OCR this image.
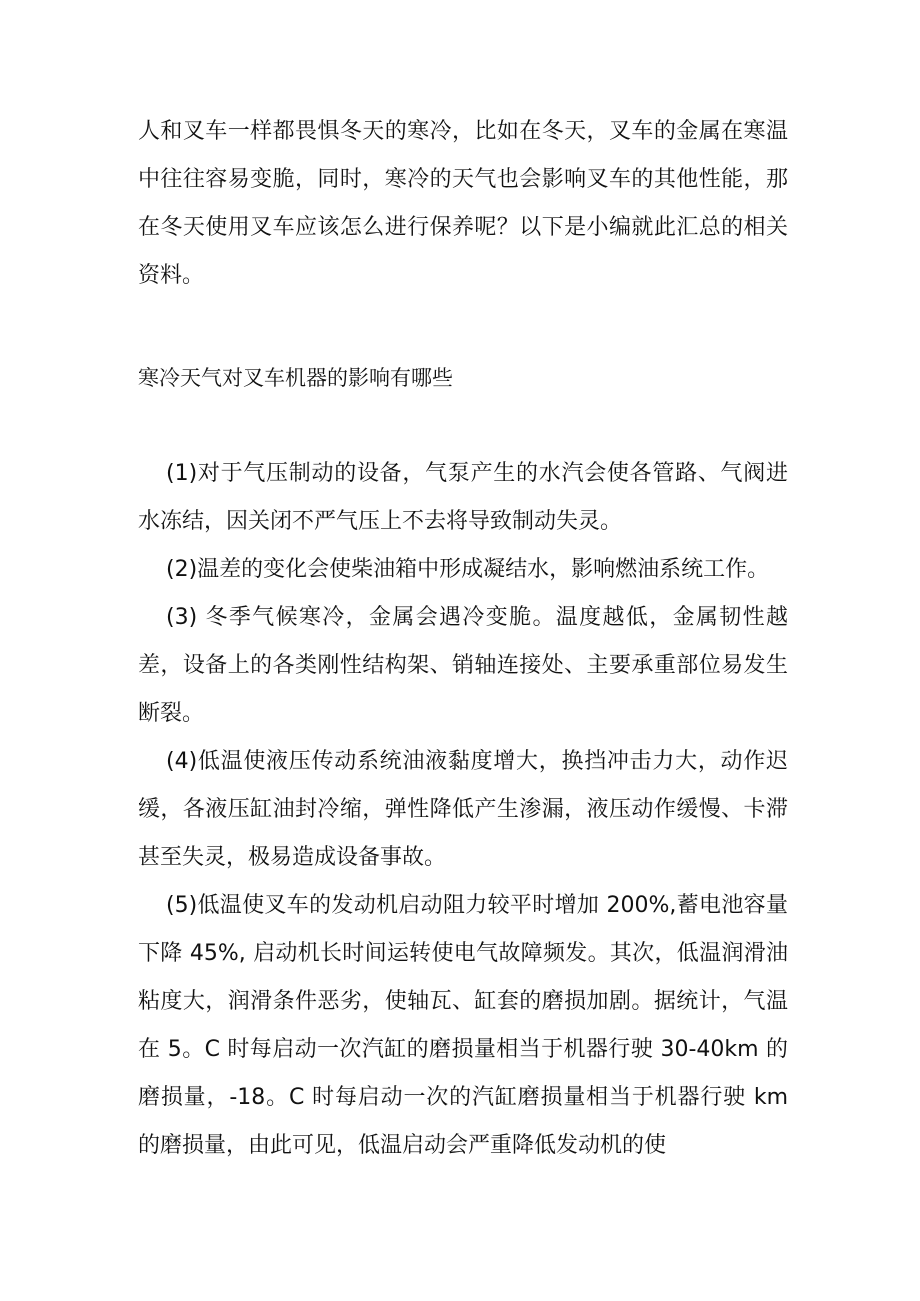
人和叉车一样都畏惧冬天的寒冷，比如在冬天，叉车的金属在寒温中往往容易变脆，同时，寒冷的天气也会影响叉车的其他性能，那在冬天使用叉车应该怎么进行保养呢？以下是小编就此汇总的相关资料。

寒冷天气对叉车机器的影响有哪些

(1)对于气压制动的设备，气泵产生的水汽会使各管路、气阀进水冻结，因关闭不严气压上不去将导致制动失灵。

(2)温差的变化会使柴油箱中形成凝结水，影响燃油系统工作。

(3) 冬季气候寒冷，金属会遇冷变脆。温度越低，金属韧性越差，设备上的各类刚性结构架、销轴连接处、主要承重部位易发生断裂。

(4)低温使液压传动系统油液黏度增大，换挡冲击力大，动作迟缓，各液压缸油封冷缩，弹性降低产生渗漏，液压动作缓慢、卡滞甚至失灵，极易造成设备事故。

(5)低温使叉车的发动机启动阻力较平时增加 200%,蓄电池容量下降 45%, 启动机长时间运转使电气故障频发。其次，低温润滑油粘度大，润滑条件恶劣，使轴瓦、缸套的磨损加剧。据统计，气温在 5。C 时每启动一次汽缸的磨损量相当于机器行驶 30-40km 的磨损量，-18。C 时每启动一次的汽缸磨损量相当于机器行驶 km 的磨损量，由此可见，低温启动会严重降低发动机的使
